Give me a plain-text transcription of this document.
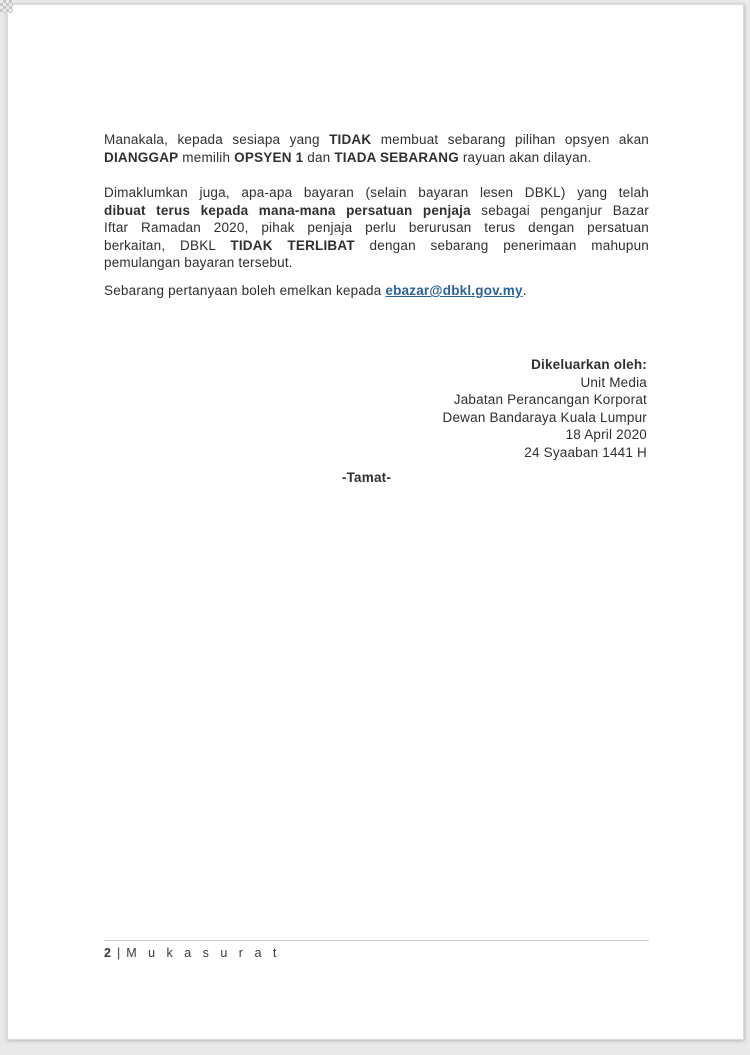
Manakala, kepada sesiapa yang TIDAK membuat sebarang pilihan opsyen akan
DIANGGAP memilih OPSYEN 1 dan TIADA SEBARANG rayuan akan dilayan.
Dimaklumkan juga, apa-apa bayaran (selain bayaran lesen DBKL) yang telah
dibuat terus kepada mana-mana persatuan penjaja sebagai penganjur Bazar
Iftar Ramadan 2020, pihak penjaja perlu berurusan terus dengan persatuan
berkaitan, DBKL TIDAK TERLIBAT dengan sebarang penerimaan mahupun
pemulangan bayaran tersebut.
Sebarang pertanyaan boleh emelkan kepada ebazar@dbkl.gov.my.
Dikeluarkan oleh:
Unit Media
Jabatan Perancangan Korporat
Dewan Bandaraya Kuala Lumpur
18 April 2020
24 Syaaban 1441 H
-Tamat-
2 | M u k a s u r a t
